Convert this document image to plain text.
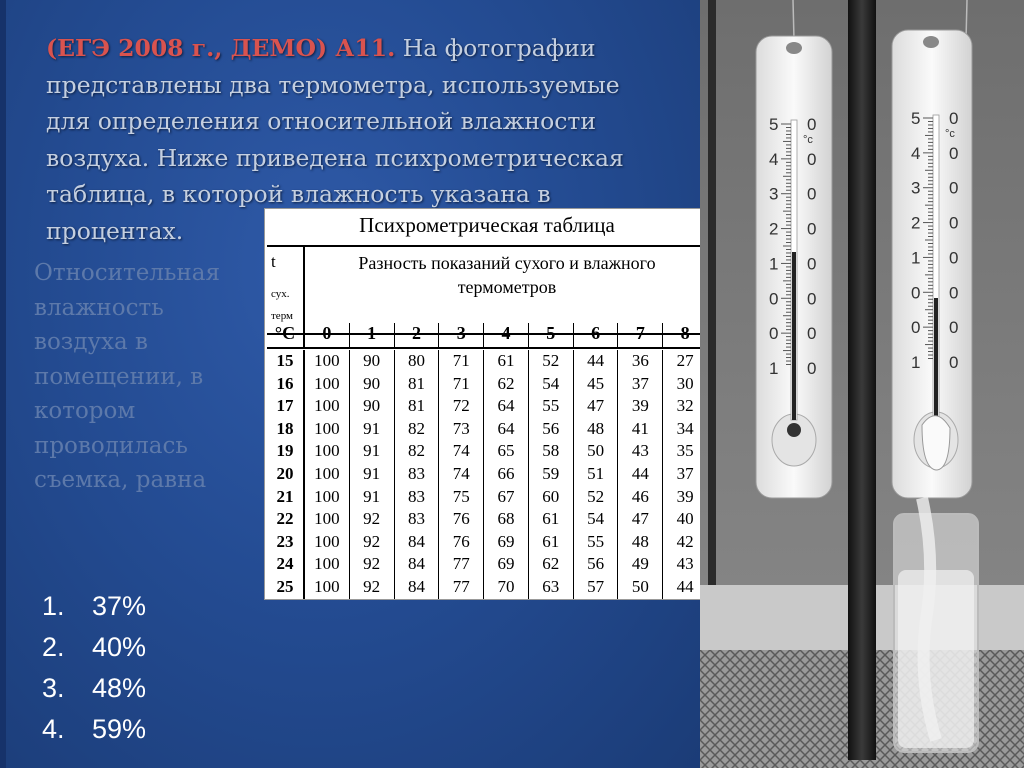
(ЕГЭ 2008 г., ДЕМО) А11. На фотографии представлены два термометра, используемые для определения относительной влажности воздуха. Ниже приведена психрометрическая таблица, в которой влажность указана в процентах.
Относительная влажность воздуха в помещении, в котором проводилась съемка, равна
1.	37%
2.	40%
3.	48%
4.	59%
Психрометрическая таблица
t
сух.
терм
Разность показаний сухого и влажного термометров
°С	0	1	2	3	4	5	6	7	8
15	100	90	80	71	61	52	44	36	27
16	100	90	81	71	62	54	45	37	30
17	100	90	81	72	64	55	47	39	32
18	100	91	82	73	64	56	48	41	34
19	100	91	82	74	65	58	50	43	35
20	100	91	83	74	66	59	51	44	37
21	100	91	83	75	67	60	52	46	39
22	100	92	83	76	68	61	54	47	40
23	100	92	84	76	69	61	55	48	42
24	100	92	84	77	69	62	56	49	43
25	100	92	84	77	70	63	57	50	44
5 0
4 0
3 0
2 0
1 0
0 0
0 0
1 0
°c
5 0
4 0
3 0
2 0
1 0
0 0
0 0
1 0
°c
